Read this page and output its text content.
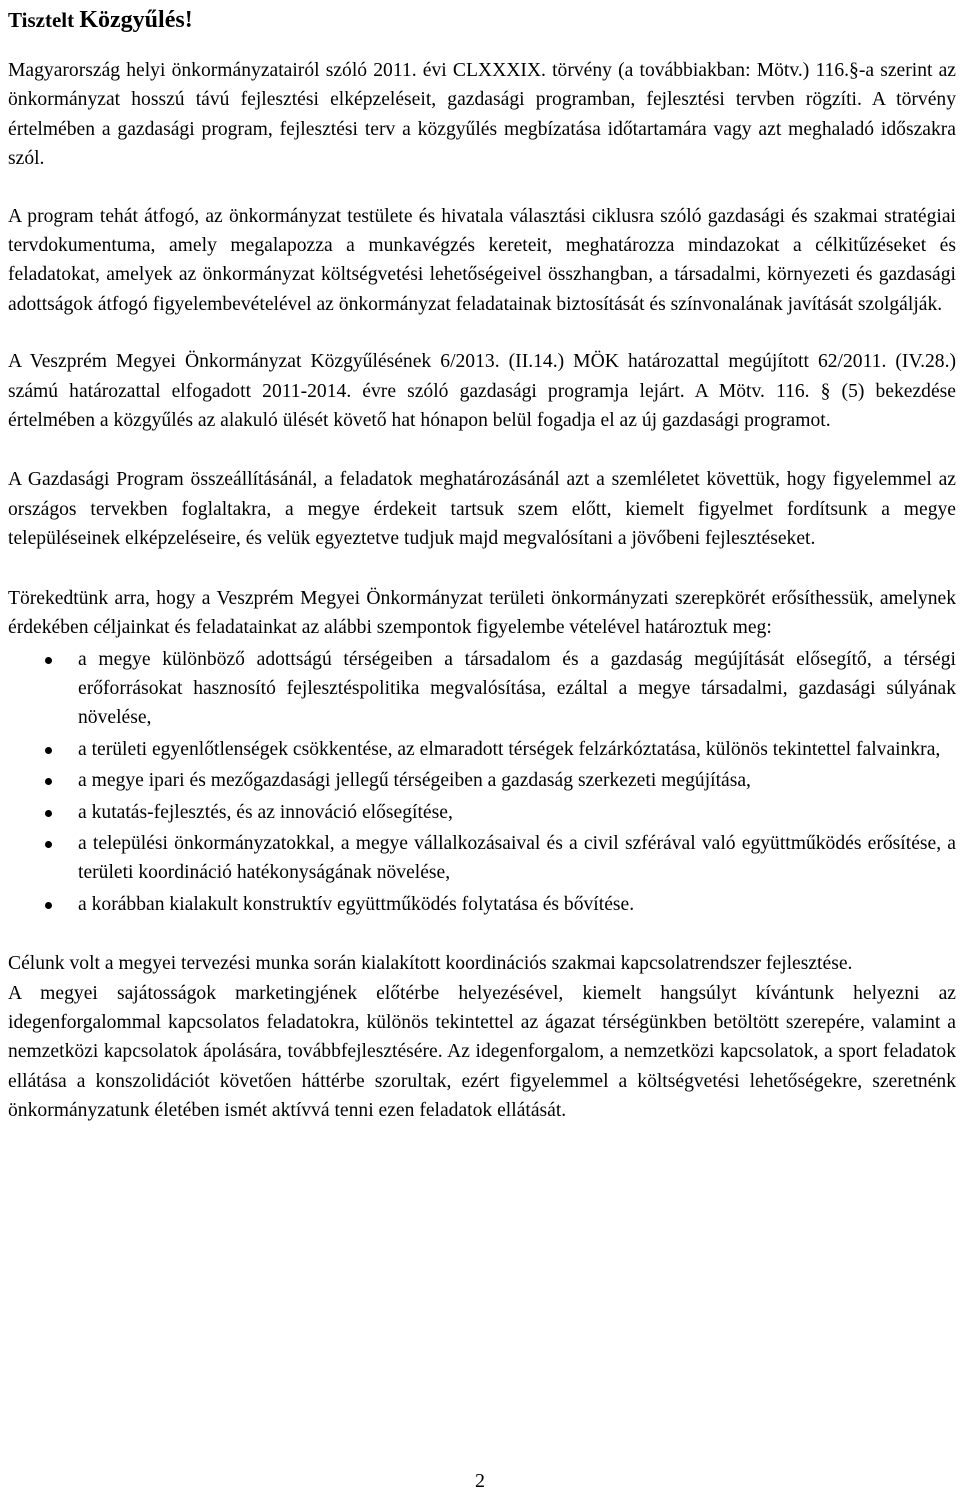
Tisztelt Közgyűlés!

Magyarország helyi önkormányzatairól szóló 2011. évi CLXXXIX. törvény (a továbbiakban: Mötv.) 116.§-a szerint az önkormányzat hosszú távú fejlesztési elképzeléseit, gazdasági programban, fejlesztési tervben rögzíti. A törvény értelmében a gazdasági program, fejlesztési terv a közgyűlés megbízatása időtartamára vagy azt meghaladó időszakra szól.

A program tehát átfogó, az önkormányzat testülete és hivatala választási ciklusra szóló gazdasági és szakmai stratégiai tervdokumentuma, amely megalapozza a munkavégzés kereteit, meghatározza mindazokat a célkitűzéseket és feladatokat, amelyek az önkormányzat költségvetési lehetőségeivel összhangban, a társadalmi, környezeti és gazdasági adottságok átfogó figyelembevételével az önkormányzat feladatainak biztosítását és színvonalának javítását szolgálják.

A Veszprém Megyei Önkormányzat Közgyűlésének 6/2013. (II.14.) MÖK határozattal megújított 62/2011. (IV.28.) számú határozattal elfogadott 2011-2014. évre szóló gazdasági programja lejárt. A Mötv. 116. § (5) bekezdése értelmében a közgyűlés az alakuló ülését követő hat hónapon belül fogadja el az új gazdasági programot.

A Gazdasági Program összeállításánál, a feladatok meghatározásánál azt a szemléletet követtük, hogy figyelemmel az országos tervekben foglaltakra, a megye érdekeit tartsuk szem előtt, kiemelt figyelmet fordítsunk a megye településeinek elképzeléseire, és velük egyeztetve tudjuk majd megvalósítani a jövőbeni fejlesztéseket.

Törekedtünk arra, hogy a Veszprém Megyei Önkormányzat területi önkormányzati szerepkörét erősíthessük, amelynek érdekében céljainkat és feladatainkat az alábbi szempontok figyelembe vételével határoztuk meg:

a megye különböző adottságú térségeiben a társadalom és a gazdaság megújítását elősegítő, a térségi erőforrásokat hasznosító fejlesztéspolitika megvalósítása, ezáltal a megye társadalmi, gazdasági súlyának növelése,
a területi egyenlőtlenségek csökkentése, az elmaradott térségek felzárkóztatása, különös tekintettel falvainkra,
a megye ipari és mezőgazdasági jellegű térségeiben a gazdaság szerkezeti megújítása,
a kutatás-fejlesztés, és az innováció elősegítése,
a települési önkormányzatokkal, a megye vállalkozásaival és a civil szférával való együttműködés erősítése, a területi koordináció hatékonyságának növelése,
a korábban kialakult konstruktív együttműködés folytatása és bővítése.

Célunk volt a megyei tervezési munka során kialakított koordinációs szakmai kapcsolatrendszer fejlesztése.

A megyei sajátosságok marketingjének előtérbe helyezésével, kiemelt hangsúlyt kívántunk helyezni az idegenforgalommal kapcsolatos feladatokra, különös tekintettel az ágazat térségünkben betöltött szerepére, valamint a nemzetközi kapcsolatok ápolására, továbbfejlesztésére. Az idegenforgalom, a nemzetközi kapcsolatok, a sport feladatok ellátása a konszolidációt követően háttérbe szorultak, ezért figyelemmel a költségvetési lehetőségekre, szeretnénk önkormányzatunk életében ismét aktívvá tenni ezen feladatok ellátását.

2
